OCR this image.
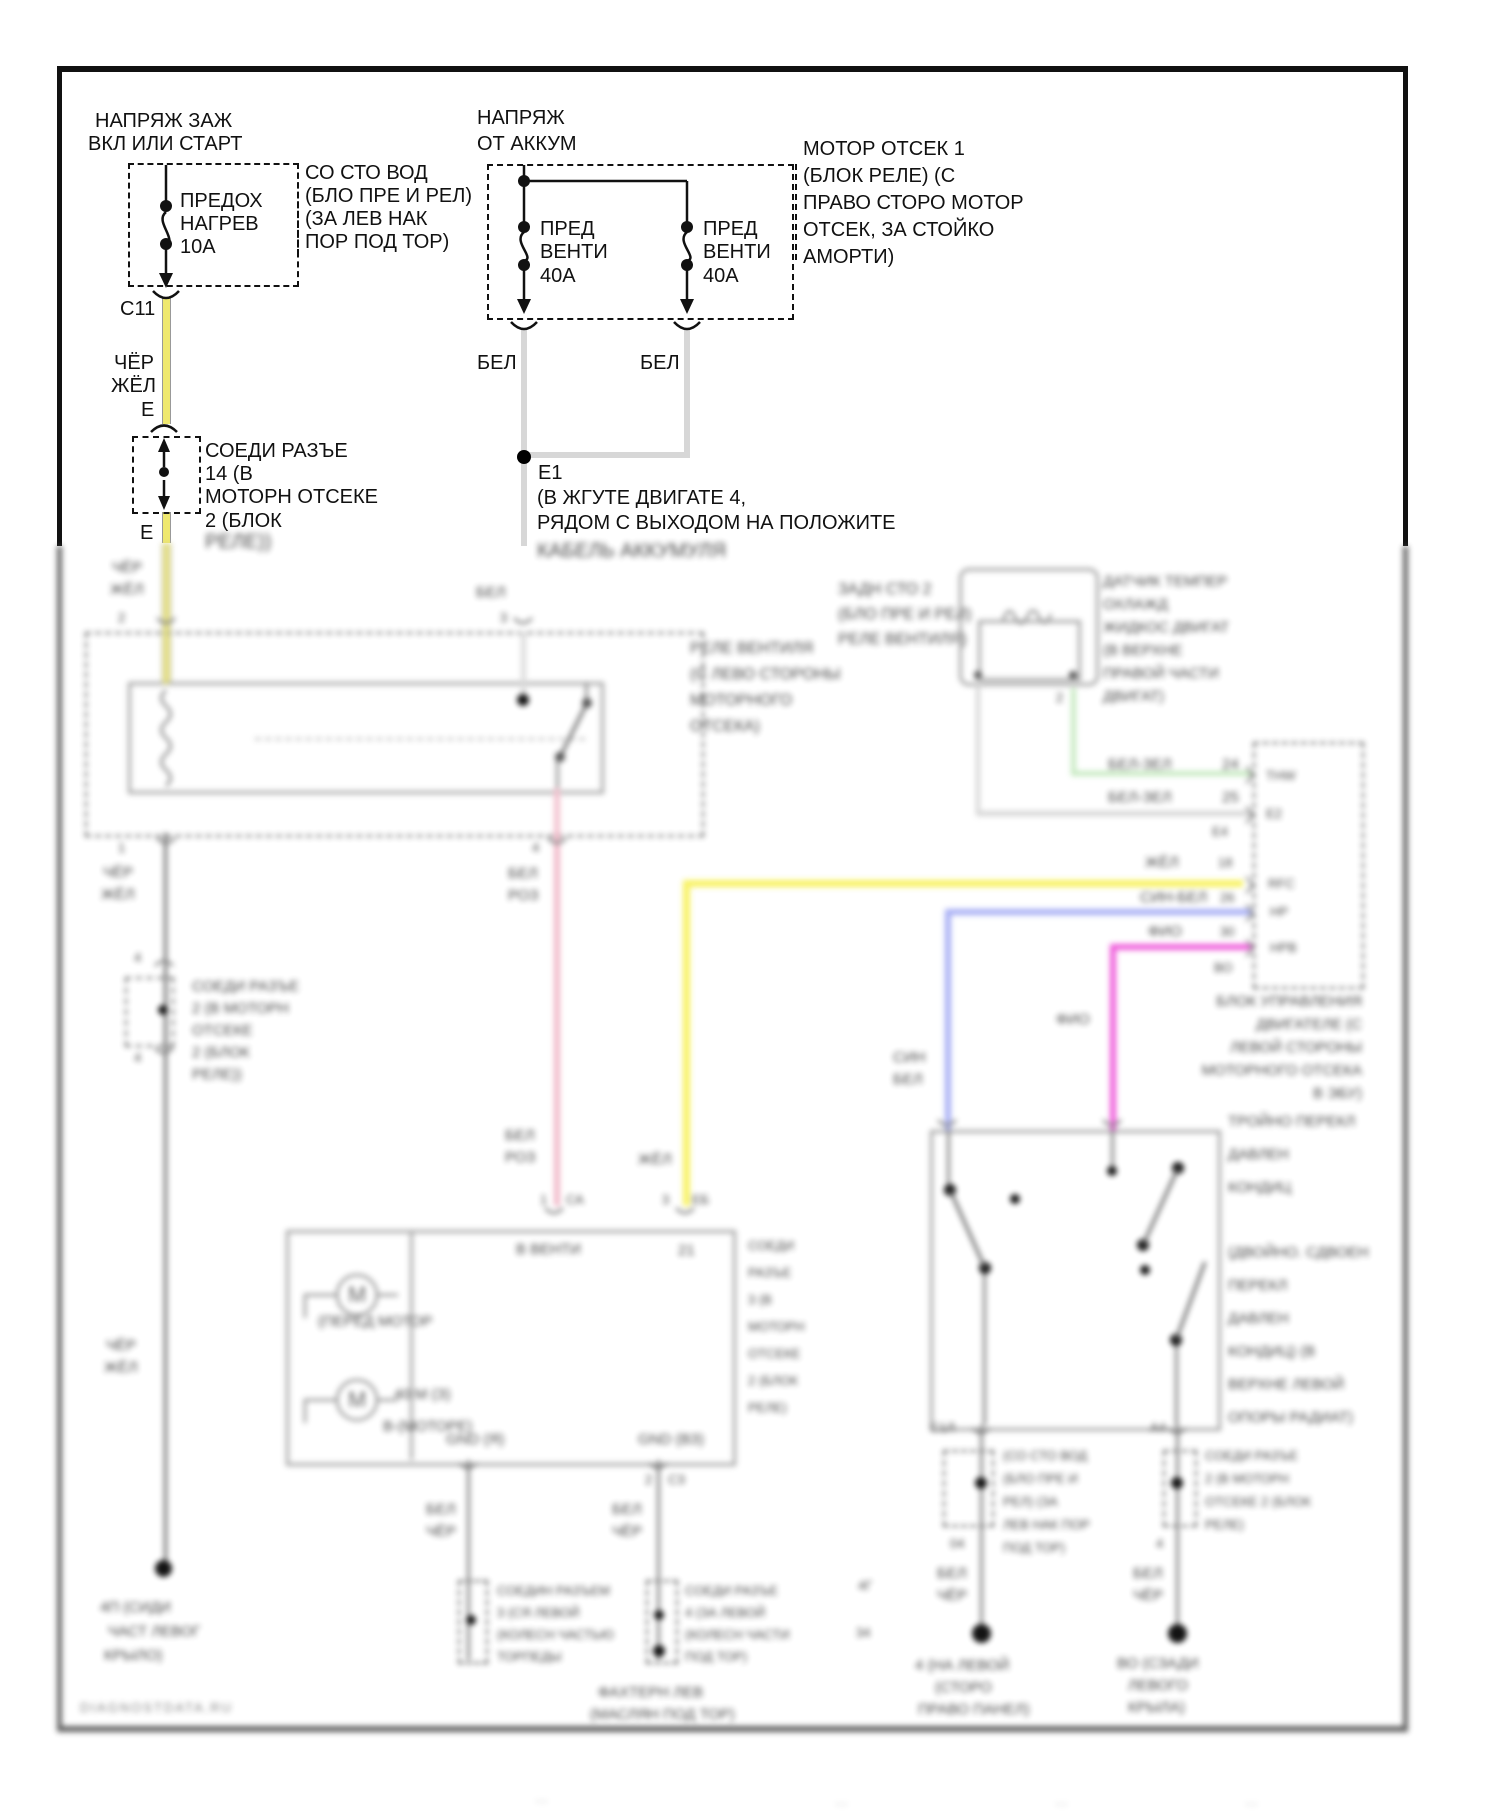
НАПРЯЖ ЗАЖ
ВКЛ ИЛИ СТАРТ
ПРЕДОХ
НАГРЕВ
10А
СО СТО ВОД
(БЛО ПРЕ И РЕЛ)
(ЗА ЛЕВ НАК
ПОР ПОД ТОР)
С11
ЧЁР
ЖЁЛ
Е
СОЕДИ РАЗЪЕ
14 (В
МОТОРН ОТСЕКЕ
2 (БЛОК
Е
НАПРЯЖ
ОТ АККУМ
ПРЕД
ВЕНТИ
40А
ПРЕД
ВЕНТИ
40А
МОТОР ОТСЕК 1
(БЛОК РЕЛЕ) (С
ПРАВО СТОРО МОТОР
ОТСЕК, ЗА СТОЙКО
АМОРТИ)
БЕЛ	БЕЛ
Е1
(В ЖГУТЕ ДВИГАТЕ 4,
РЯДОМ С ВЫХОДОМ НА ПОЛОЖИТЕ
РЕЛЕ))	КАБЕЛЬ АККУМУЛЯ
ЧЁР
ЖЁЛ	БЕЛ
2	3
1	4
РЕЛЕ ВЕНТИЛЯ
(С ЛЕВО СТОРОНЫ
МОТОРНОГО
ОТСЕКА)
ЗАДН СТО 2
(БЛО ПРЕ И РЕЛ)
РЕЛЕ ВЕНТИЛЯ)
ЧЁР
ЖЁЛ
4
4
СОЕДИ РАЗЪЕ
2 (В МОТОРН
ОТСЕКЕ
2 (БЛОК
РЕЛЕ))
ЧЁР
ЖЁЛ
4П (СИДИ
ЧАСТ ЛЕВОГ
КРЫЛО)
DIAGNOSTDATA.RU
БЕЛ
РОЗ
БЕЛ
РОЗ
1 СА
ЖЁЛ
3 ЕБ
ДАТЧИК ТЕМПЕР
ОХЛАЖД
ЖИДКОС ДВИГАТ
(В ВЕРХНЕ
ПРАВОЙ ЧАСТИ
ДВИГАТ)
2
БЕЛ-ЗЕЛ	24
БЕЛ-ЗЕЛ	25
THW
Е2
RFC
HP
HPB
Е4
ЖЁЛ	18
СИН-БЕЛ 26
ФИО	30
ВО
БЛОК УПРАВЛЕНИЯ
ДВИГАТЕЛЕ (С
ЛЕВОЙ СТОРОНЫ
МОТОРНОГО ОТСЕКА
В ЭБУ)
СИН
БЕЛ
ФИО
ТРОЙНО ПЕРЕКЛ
ДАВЛЕН
КОНДИЦ
(ДВОЙНО. СДВОЕН
ПЕРЕКЛ
ДАВЛЕН
КОНДИЦ) (В
ВЕРХНЕ ЛЕВОЙ
ОПОРЫ РАДИАТ)
В ВЕНТИ	21
М
М
(ПЕРЕД МОТОР
40 М (З)
В-(МОТОРЕ)
GND (Я)	GND (ВЗ)
СОЕДИ
РАЗЪЕ
3 (В
МОТОРН
ОТСЕКЕ
2 (БЛОК
РЕЛЕ)
БЕЛ
ЧЁР
2 СЗ
БЕЛ
ЧЁР
СОЕДИН РАЗЪЕМ
3 (СЯ ЛЕВОЙ
(КОЛЕСН ЧАСТЬЮ
ТОРПЕДЫ
СОЕДИ РАЗЪЕ
4 (ЗА ЛЕВОЙ
(КОЛЕСН ЧАСТИ
ПОД ТОР)
ФАХТЕРН ЛЕВ
(МАСЛЯН ПОД ТОР)
4Г
34
С1Л	А4
(СО СТО ВОД
(БЛО ПРЕ И
РЕЛ) (ЗА
ЛЕВ НАК ПОР
ПОД ТОР)
СОЕДИ РАЗЪЕ
2 (В МОТОРН
ОТСЕКЕ 2 (БЛОК
РЕЛЕ)
04	4
БЕЛ
ЧЁР
БЕЛ
ЧЁР
4 (НА ЛЕВОЙ
(СТОРО
ПРАВО ПАНЕЛ)
ВО (СЗАДИ
ЛЕВОГО
КРЫЛА)
···	···	···	···
